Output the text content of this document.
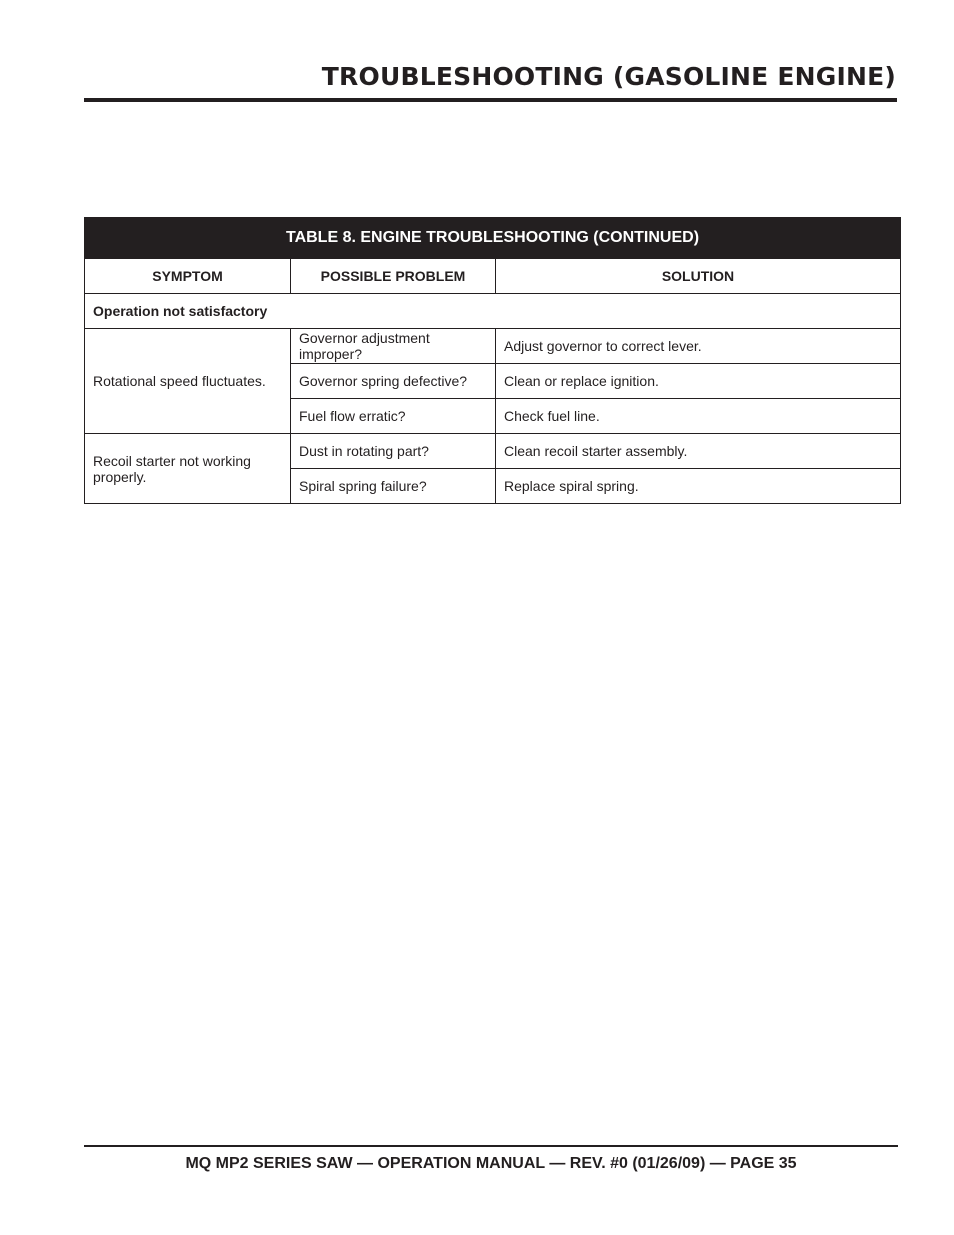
TROUBLESHOOTING (GASOLINE ENGINE)
TABLE 8. ENGINE TROUBLESHOOTING (CONTINUED)		
SYMPTOM	POSSIBLE PROBLEM	SOLUTION
Operation not satisfactory		
Rotational speed fluctuates.	Governor adjustment improper?	Adjust governor to correct lever.
	Governor spring defective?	Clean or replace ignition.
	Fuel flow erratic?	Check fuel line.
Recoil starter not working properly.	Dust in rotating part?	Clean recoil starter assembly.
	Spiral spring failure?	Replace spiral spring.
MQ MP2 SERIES SAW — OPERATION MANUAL — REV. #0 (01/26/09) — PAGE 35
